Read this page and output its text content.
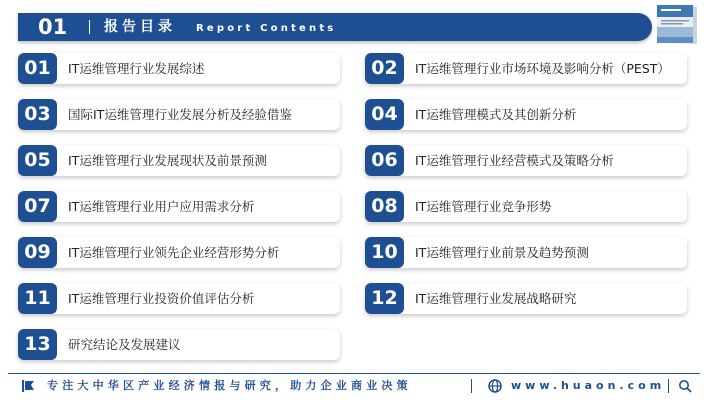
01	报告目录 Report Contents
01	IT运维管理行业发展综述	02	IT运维管理行业市场环境及影响分析（PEST）
03	国际IT运维管理行业发展分析及经验借鉴	04	IT运维管理模式及其创新分析
05	IT运维管理行业发展现状及前景预测	06	IT运维管理行业经营模式及策略分析
07	IT运维管理行业用户应用需求分析	08	IT运维管理行业竞争形势
09	IT运维管理行业领先企业经营形势分析	10	IT运维管理行业前景及趋势预测
11	IT运维管理行业投资价值评估分析	12	IT运维管理行业发展战略研究
13	研究结论及发展建议
专注大中华区产业经济情报与研究，助力企业商业决策	www.huaon.com
